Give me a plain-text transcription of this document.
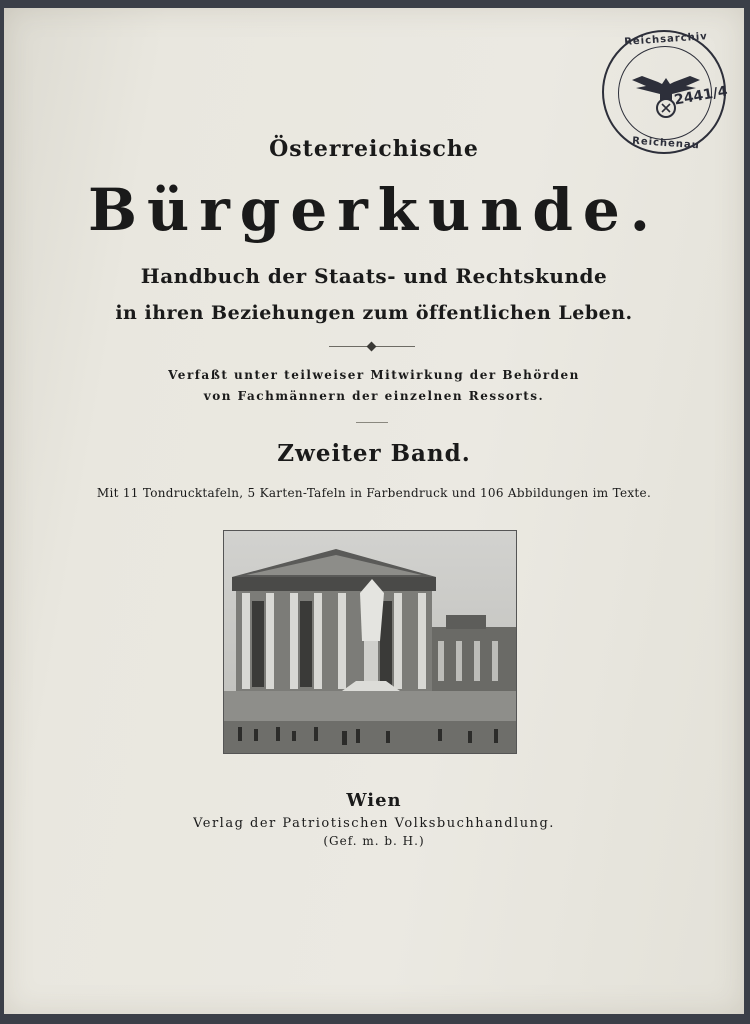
Reichsarchiv
2441/4
Reichenau
Österreichische
Bürgerkunde.
Handbuch der Staats- und Rechtskunde
in ihren Beziehungen zum öffentlichen Leben.
Verfaßt unter teilweiser Mitwirkung der Behörden
von Fachmännern der einzelnen Ressorts.
Zweiter Band.
Mit 11 Tondrucktafeln, 5 Karten-Tafeln in Farbendruck und 106 Abbildungen im Texte.
Wien
Verlag der Patriotischen Volksbuchhandlung.
(Gef. m. b. H.)
